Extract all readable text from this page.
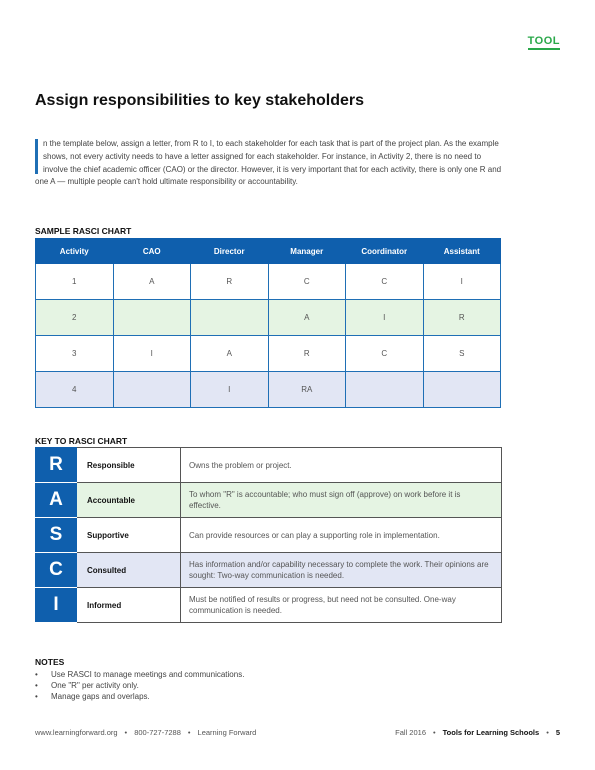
TOOL
Assign responsibilities to key stakeholders

n the template below, assign a letter, from R to I, to each stakeholder for each task that is part of the project plan. As the example shows, not every activity needs to have a letter assigned for each stakeholder. For instance, in Activity 2, there is no need to involve the chief academic officer (CAO) or the director. However, it is very important that for each activity, there is only one R and one A — multiple people can't hold ultimate responsibility or accountability.

SAMPLE RASCI CHART
Activity	CAO	Director	Manager	Coordinator	Assistant
1	A	R	C	C	I
2			A	I	R
3	I	A	R	C	S
4		I	RA		
KEY TO RASCI CHART
R	Responsible	Owns the problem or project.
A	Accountable	To whom "R" is accountable; who must sign off (approve) on work before it is effective.
S	Supportive	Can provide resources or can play a supporting role in implementation.
C	Consulted	Has information and/or capability necessary to complete the work. Their opinions are sought: Two-way communication is needed.
I	Informed	Must be notified of results or progress, but need not be consulted. One-way communication is needed.
NOTES
• Use RASCI to manage meetings and communications.
• One "R" per activity only.
• Manage gaps and overlaps.
www.learningforward.org • 800-727-7288 • Learning Forward	Fall 2016 • Tools for Learning Schools • 5
